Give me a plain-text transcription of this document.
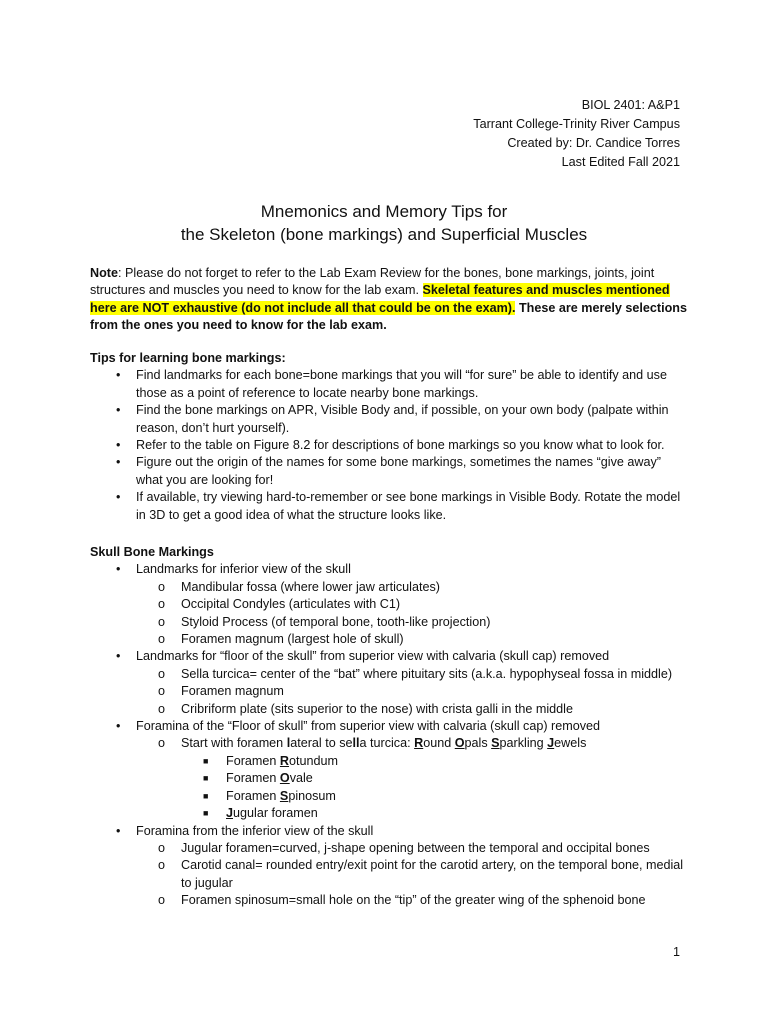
BIOL 2401: A&P1
Tarrant College-Trinity River Campus
Created by: Dr. Candice Torres
Last Edited Fall 2021
Mnemonics and Memory Tips for
the Skeleton (bone markings) and Superficial Muscles
Note: Please do not forget to refer to the Lab Exam Review for the bones, bone markings, joints, joint structures and muscles you need to know for the lab exam. Skeletal features and muscles mentioned here are NOT exhaustive (do not include all that could be on the exam). These are merely selections from the ones you need to know for the lab exam.
Tips for learning bone markings:
• Find landmarks for each bone=bone markings that you will “for sure” be able to identify and use those as a point of reference to locate nearby bone markings.
• Find the bone markings on APR, Visible Body and, if possible, on your own body (palpate within reason, don’t hurt yourself).
• Refer to the table on Figure 8.2 for descriptions of bone markings so you know what to look for.
• Figure out the origin of the names for some bone markings, sometimes the names “give away” what you are looking for!
• If available, try viewing hard-to-remember or see bone markings in Visible Body. Rotate the model in 3D to get a good idea of what the structure looks like.
Skull Bone Markings
• Landmarks for inferior view of the skull
o Mandibular fossa (where lower jaw articulates)
o Occipital Condyles (articulates with C1)
o Styloid Process (of temporal bone, tooth-like projection)
o Foramen magnum (largest hole of skull)
• Landmarks for “floor of the skull” from superior view with calvaria (skull cap) removed
o Sella turcica= center of the “bat” where pituitary sits (a.k.a. hypophyseal fossa in middle)
o Foramen magnum
o Cribriform plate (sits superior to the nose) with crista galli in the middle
• Foramina of the “Floor of skull” from superior view with calvaria (skull cap) removed
o Start with foramen lateral to sella turcica: Round Opals Sparkling Jewels
■ Foramen Rotundum
■ Foramen Ovale
■ Foramen Spinosum
■ Jugular foramen
• Foramina from the inferior view of the skull
o Jugular foramen=curved, j-shape opening between the temporal and occipital bones
o Carotid canal= rounded entry/exit point for the carotid artery, on the temporal bone, medial to jugular
o Foramen spinosum=small hole on the “tip” of the greater wing of the sphenoid bone
1
